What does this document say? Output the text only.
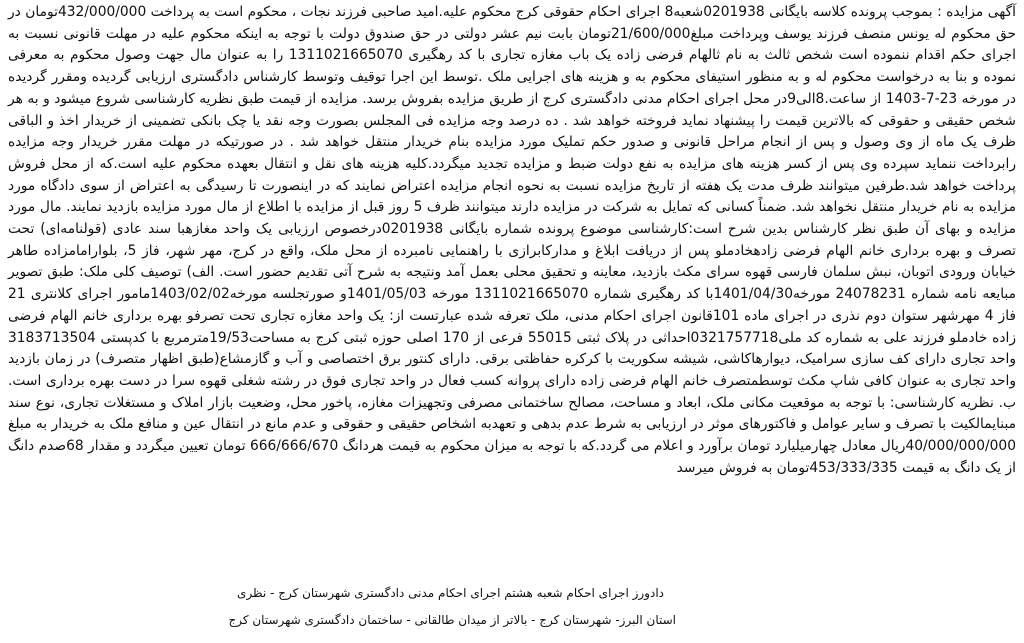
آگهی مزایده : بموجب پرونده کلاسه بایگانی 0201938شعبه8 اجرای احکام حقوقی کرج محکوم علیه.امید صاحبی فرزند نجات ، محکوم است به پرداخت 432/000/000تومان در حق محکوم له یونس منصف فرزند یوسف وپرداخت مبلغ21/600/000تومان بابت نیم عشر دولتی در حق صندوق دولت با توجه به اینکه محکوم علیه در مهلت قانونی نسبت به اجرای حکم اقدام ننموده است شخص ثالث به نام ثالهام فرضی زاده یک باب مغازه تجاری با کد رهگیری 1311021665070 را به عنوان مال جهت وصول محکوم به معرفی نموده و بنا به درخواست محکوم له و به منظور استیفای محکوم به و هزینه های اجرایی ملک .توسط این اجرا توقیف وتوسط کارشناس دادگستری ارزیابی گردیده ومقرر گردیده در مورخه 23-7-1403 از ساعت.8الی9در محل اجرای احکام مدنی دادگستری کرج از طریق مزایده بفروش برسد. مزایده از قیمت طبق نظریه کارشناسی شروع میشود و به هر شخص حقیقی و حقوقی که بالاترین قیمت را پیشنهاد نماید فروخته خواهد شد . ده درصد وجه مزایده فی المجلس بصورت وجه نقد یا چک بانکی تضمینی از خریدار اخذ و الباقی ظرف یک ماه از وی وصول و پس از انجام مراحل قانونی و صدور حکم تملیک مورد مزایده بنام خریدار منتقل خواهد شد . در صورتیکه در مهلت مقرر خریدار وجه مزایده رابرداخت ننماید سپرده وی پس از کسر هزینه های مزایده به نفع دولت ضبط و مزایده تجدید میگردد.کلیه هزینه های نقل و انتقال بعهده محکوم علیه است.که از محل فروش پرداخت خواهد شد.طرفین میتوانند ظرف مدت یک هفته از تاریخ مزایده نسبت به نحوه انجام مزایده اعتراض نمایند که در اینصورت تا رسیدگی به اعتراض از سوی دادگاه مورد مزایده به نام خریدار منتقل نخواهد شد. ضمناً کسانی که تمایل به شرکت در مزایده دارند میتوانند ظرف 5 روز قبل از مزایده با اطلاع از مال مورد مزایده بازدید نمایند. مال مورد مزایده و بهای آن طبق نظر کارشناس بدین شرح است:کارشناسی موضوع پرونده شماره بایگانی 0201938درخصوص ارزیابی یک واحد مغازهبا سند عادی (قولنامه‌ای) تحت تصرف و بهره برداری خانم الهام فرضی زادهخادملو پس از دریافت ابلاغ و مدارکابرازی با راهنمایی نامبرده از محل ملک، واقع در کرج، مهر شهر، فاز 5، بلوارامامزاده طاهر خیابان ورودی اتوبان، نبش سلمان فارسی قهوه سرای مکث بازدید، معاینه و تحقیق محلی بعمل آمد ونتیجه به شرح آتی تقدیم حضور است. الف) توصیف کلی ملک: طبق تصویر مبایعه نامه شماره 24078231 مورخه1401/04/30با کد رهگیری شماره 1311021665070 مورخه 1401/05/03و صورتجلسه مورخه1403/02/02مامور اجرای کلانتری 21 فاز 4 مهرشهر ستوان دوم نذری در اجرای ماده 101قانون اجرای احکام مدنی، ملک تعرفه شده عبارتست از: یک واحد مغازه تجاری تحت تصرفو بهره برداری خانم الهام فرضی زاده خادملو فرزند علی به شماره کد ملی0321757718احداثی در پلاک ثبتی 55015 فرعی از 170 اصلی حوزه ثبتی کرج به مساحت19/53مترمربع با کدپستی 3183713504 واحد تجاری دارای کف سازی سرامیک، دیوارهاکاشی، شیشه سکوریت با کرکره حفاظتی برقی. دارای کنتور برق اختصاصی و آب و گازمشاع(طبق اظهار متصرف) در زمان بازدید واحد تجاری به عنوان کافی شاپ مکث توسطمتصرف خانم الهام فرضی زاده دارای پروانه کسب فعال در واحد تجاری فوق در رشته شغلی قهوه سرا در دست بهره برداری است. ب. نظریه کارشناسی: با توجه به موقعیت مکانی ملک، ابعاد و مساحت، مصالح ساختمانی مصرفی وتجهیزات مغازه، پاخور محل، وضعیت بازار املاک و مستغلات تجاری، نوع سند مبنایمالکیت با تصرف و سایر عوامل و فاکتورهای موثر در ارزیابی به شرط عدم بدهی و تعهدبه اشخاص حقیقی و حقوقی و عدم مانع در انتقال عین و منافع ملک به خریدار به مبلغ 40/000/000/000ریال معادل چهارمیلیارد تومان برآورد و اعلام می گردد.که با توجه به میزان محکوم به قیمت هردانگ 666/666/670 تومان تعیین میگردد و مقدار 68صدم دانگ از یک دانگ به قیمت 453/333/335تومان به فروش میرسد

دادورز اجرای احکام شعبه هشتم اجرای احکام مدنی دادگستری شهرستان کرج - نظری
استان البرز- شهرستان کرج - بالاتر از میدان طالقانی - ساختمان دادگستری شهرستان کرج
